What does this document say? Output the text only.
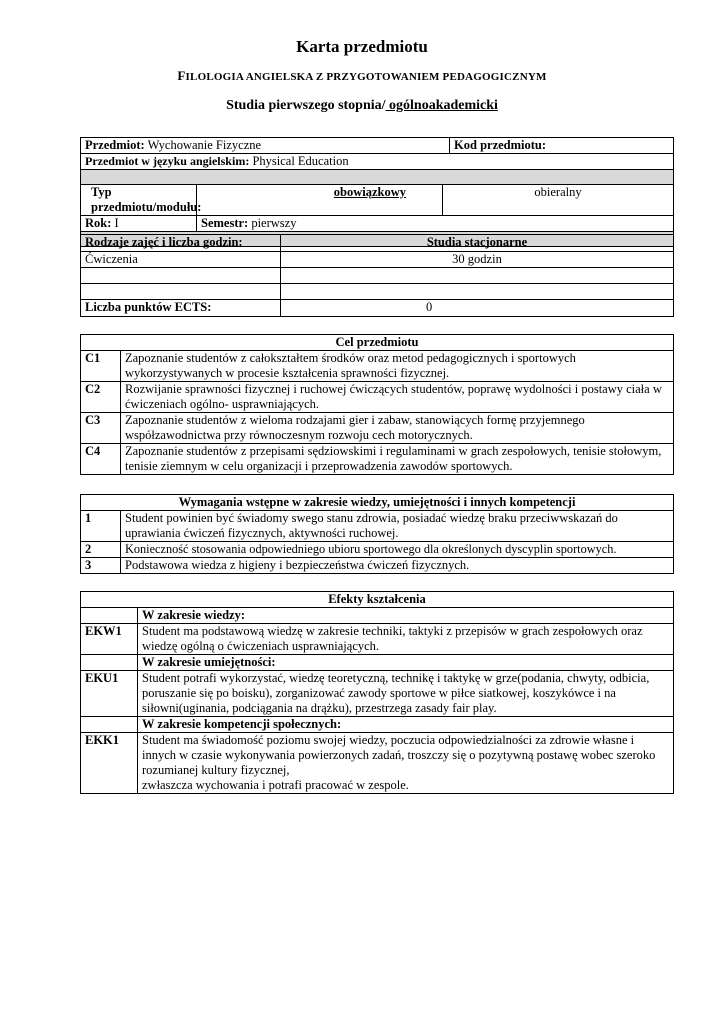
Karta przedmiotu
FILOLOGIA ANGIELSKA Z PRZYGOTOWANIEM PEDAGOGICZNYM
Studia pierwszego stopnia/ ogólnoakademicki
Przedmiot: Wychowanie Fizyczne			Kod przedmiotu:
Przedmiot w języku angielskim: Physical Education			

Typ przedmiotu/modułu:	obowiązkowy	obieralny	
Rok: I	Semestr: pierwszy		

Rodzaje zajęć i liczba godzin:	Studia stacjonarne
Ćwiczenia	30 godzin

Liczba punktów ECTS:	0
Cel przedmiotu	
C1	Zapoznanie studentów z całokształtem środków oraz metod pedagogicznych i sportowych wykorzystywanych w procesie kształcenia sprawności fizycznej.
C2	Rozwijanie sprawności fizycznej i ruchowej ćwiczących studentów, poprawę wydolności i postawy ciała w ćwiczeniach ogólno- usprawniających.
C3	Zapoznanie studentów z wieloma rodzajami gier i zabaw, stanowiących formę przyjemnego współzawodnictwa przy równoczesnym rozwoju cech motorycznych.
C4	Zapoznanie studentów z przepisami sędziowskimi i regulaminami w grach zespołowych, tenisie stołowym, tenisie ziemnym w celu organizacji i przeprowadzenia zawodów sportowych.
Wymagania wstępne w zakresie wiedzy, umiejętności i innych kompetencji	
1	Student powinien być świadomy swego stanu zdrowia, posiadać wiedzę braku przeciwwskazań do uprawiania ćwiczeń fizycznych, aktywności ruchowej.
2	Konieczność stosowania odpowiedniego ubioru sportowego dla określonych dyscyplin sportowych.
3	Podstawowa wiedza z higieny i bezpieczeństwa ćwiczeń fizycznych.
Efekty kształcenia	
	W zakresie wiedzy:
EKW1	Student ma podstawową wiedzę w zakresie techniki, taktyki z przepisów w grach zespołowych oraz wiedzę ogólną o ćwiczeniach usprawniających.
	W zakresie umiejętności:
EKU1	Student potrafi wykorzystać, wiedzę teoretyczną, technikę i taktykę w grze(podania, chwyty, odbicia, poruszanie się po boisku), zorganizować zawody sportowe w piłce siatkowej, koszykówce i na siłowni(uginania, podciągania na drążku), przestrzega zasady fair play.
	W zakresie kompetencji społecznych:
EKK1	Student ma świadomość poziomu swojej wiedzy, poczucia odpowiedzialności za zdrowie własne i innych w czasie wykonywania powierzonych zadań, troszczy się o pozytywną postawę wobec szeroko rozumianej kultury fizycznej,
zwłaszcza wychowania i potrafi pracować w zespole.
